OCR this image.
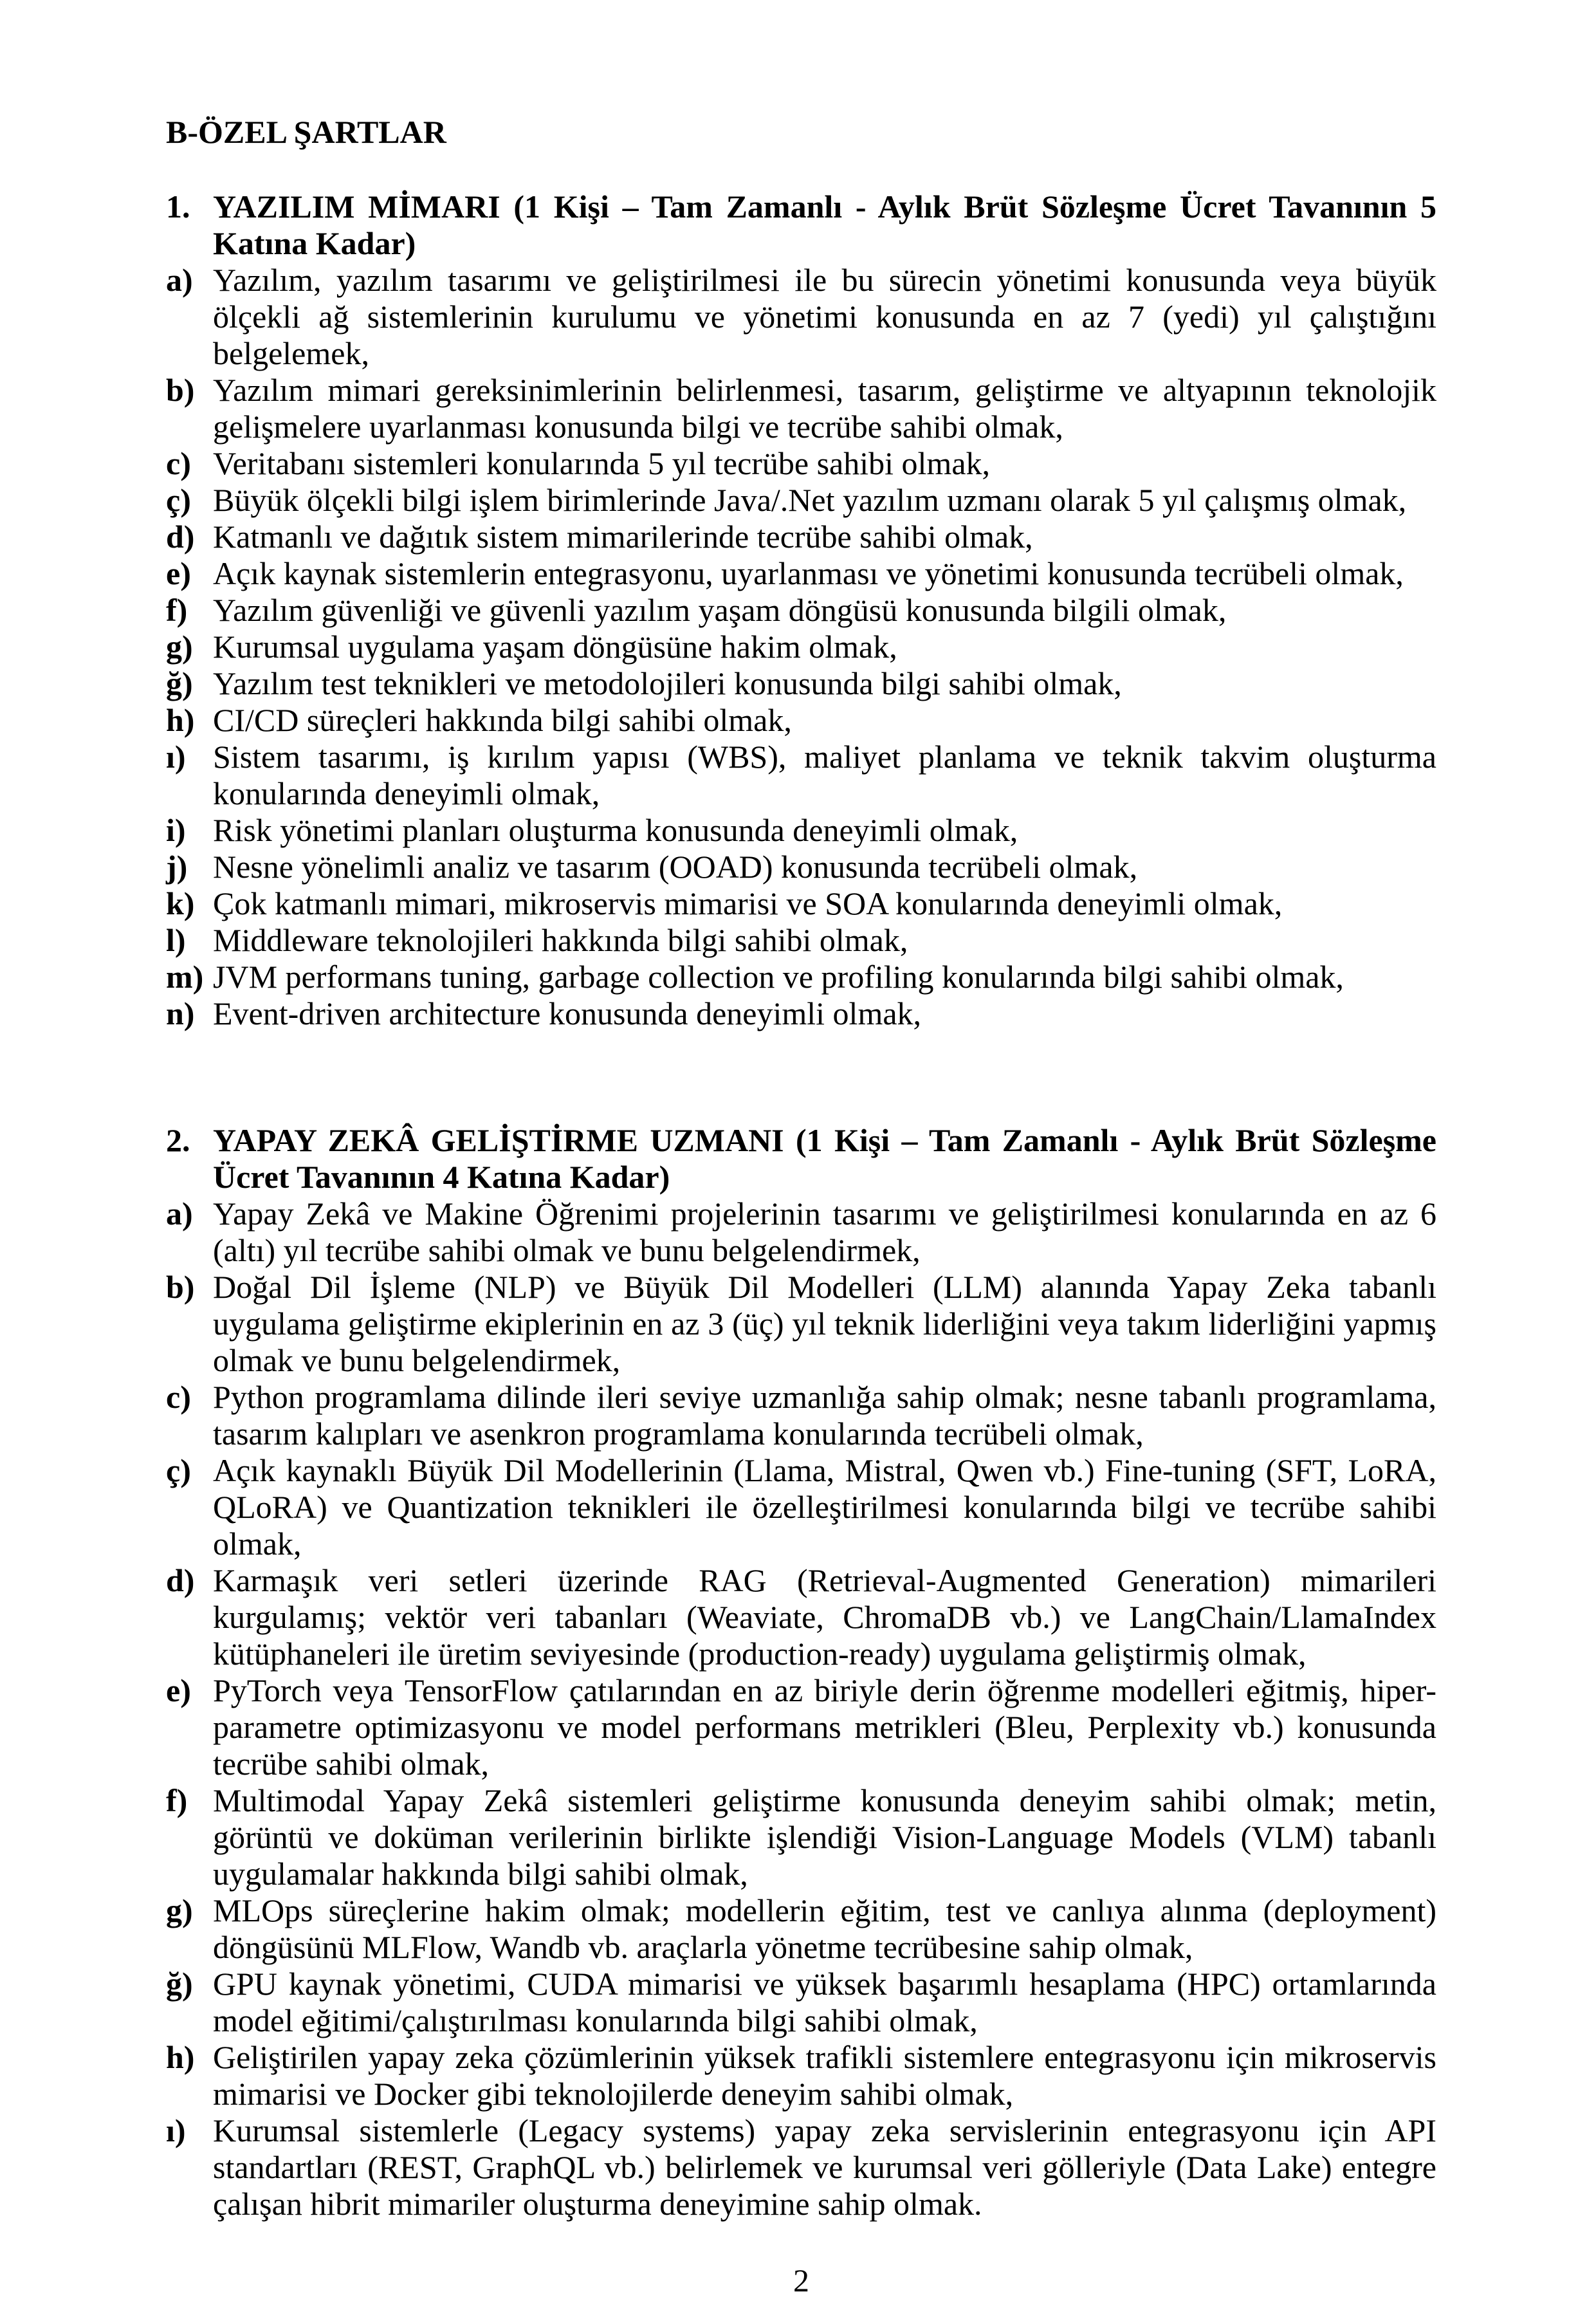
B-ÖZEL ŞARTLAR
1. YAZILIM MİMARI (1 Kişi – Tam Zamanlı - Aylık Brüt Sözleşme Ücret Tavanının 5 Katına Kadar)
a) Yazılım, yazılım tasarımı ve geliştirilmesi ile bu sürecin yönetimi konusunda veya büyük ölçekli ağ sistemlerinin kurulumu ve yönetimi konusunda en az 7 (yedi) yıl çalıştığını belgelemek,
b) Yazılım mimari gereksinimlerinin belirlenmesi, tasarım, geliştirme ve altyapının teknolojik gelişmelere uyarlanması konusunda bilgi ve tecrübe sahibi olmak,
c) Veritabanı sistemleri konularında 5 yıl tecrübe sahibi olmak,
ç) Büyük ölçekli bilgi işlem birimlerinde Java/.Net yazılım uzmanı olarak 5 yıl çalışmış olmak,
d) Katmanlı ve dağıtık sistem mimarilerinde tecrübe sahibi olmak,
e) Açık kaynak sistemlerin entegrasyonu, uyarlanması ve yönetimi konusunda tecrübeli olmak,
f) Yazılım güvenliği ve güvenli yazılım yaşam döngüsü konusunda bilgili olmak,
g) Kurumsal uygulama yaşam döngüsüne hakim olmak,
ğ) Yazılım test teknikleri ve metodolojileri konusunda bilgi sahibi olmak,
h) CI/CD süreçleri hakkında bilgi sahibi olmak,
ı) Sistem tasarımı, iş kırılım yapısı (WBS), maliyet planlama ve teknik takvim oluşturma konularında deneyimli olmak,
i) Risk yönetimi planları oluşturma konusunda deneyimli olmak,
j) Nesne yönelimli analiz ve tasarım (OOAD) konusunda tecrübeli olmak,
k) Çok katmanlı mimari, mikroservis mimarisi ve SOA konularında deneyimli olmak,
l) Middleware teknolojileri hakkında bilgi sahibi olmak,
m) JVM performans tuning, garbage collection ve profiling konularında bilgi sahibi olmak,
n) Event-driven architecture konusunda deneyimli olmak,
2. YAPAY ZEKÂ GELİŞTİRME UZMANI (1 Kişi – Tam Zamanlı - Aylık Brüt Sözleşme Ücret Tavanının 4 Katına Kadar)
a) Yapay Zekâ ve Makine Öğrenimi projelerinin tasarımı ve geliştirilmesi konularında en az 6 (altı) yıl tecrübe sahibi olmak ve bunu belgelendirmek,
b) Doğal Dil İşleme (NLP) ve Büyük Dil Modelleri (LLM) alanında Yapay Zeka tabanlı uygulama geliştirme ekiplerinin en az 3 (üç) yıl teknik liderliğini veya takım liderliğini yapmış olmak ve bunu belgelendirmek,
c) Python programlama dilinde ileri seviye uzmanlığa sahip olmak; nesne tabanlı programlama, tasarım kalıpları ve asenkron programlama konularında tecrübeli olmak,
ç) Açık kaynaklı Büyük Dil Modellerinin (Llama, Mistral, Qwen vb.) Fine-tuning (SFT, LoRA, QLoRA) ve Quantization teknikleri ile özelleştirilmesi konularında bilgi ve tecrübe sahibi olmak,
d) Karmaşık veri setleri üzerinde RAG (Retrieval-Augmented Generation) mimarileri kurgulamış; vektör veri tabanları (Weaviate, ChromaDB vb.) ve LangChain/LlamaIndex kütüphaneleri ile üretim seviyesinde (production-ready) uygulama geliştirmiş olmak,
e) PyTorch veya TensorFlow çatılarından en az biriyle derin öğrenme modelleri eğitmiş, hiper-parametre optimizasyonu ve model performans metrikleri (Bleu, Perplexity vb.) konusunda tecrübe sahibi olmak,
f) Multimodal Yapay Zekâ sistemleri geliştirme konusunda deneyim sahibi olmak; metin, görüntü ve doküman verilerinin birlikte işlendiği Vision-Language Models (VLM) tabanlı uygulamalar hakkında bilgi sahibi olmak,
g) MLOps süreçlerine hakim olmak; modellerin eğitim, test ve canlıya alınma (deployment) döngüsünü MLFlow, Wandb vb. araçlarla yönetme tecrübesine sahip olmak,
ğ) GPU kaynak yönetimi, CUDA mimarisi ve yüksek başarımlı hesaplama (HPC) ortamlarında model eğitimi/çalıştırılması konularında bilgi sahibi olmak,
h) Geliştirilen yapay zeka çözümlerinin yüksek trafikli sistemlere entegrasyonu için mikroservis mimarisi ve Docker gibi teknolojilerde deneyim sahibi olmak,
ı) Kurumsal sistemlerle (Legacy systems) yapay zeka servislerinin entegrasyonu için API standartları (REST, GraphQL vb.) belirlemek ve kurumsal veri gölleriyle (Data Lake) entegre çalışan hibrit mimariler oluşturma deneyimine sahip olmak.
2
